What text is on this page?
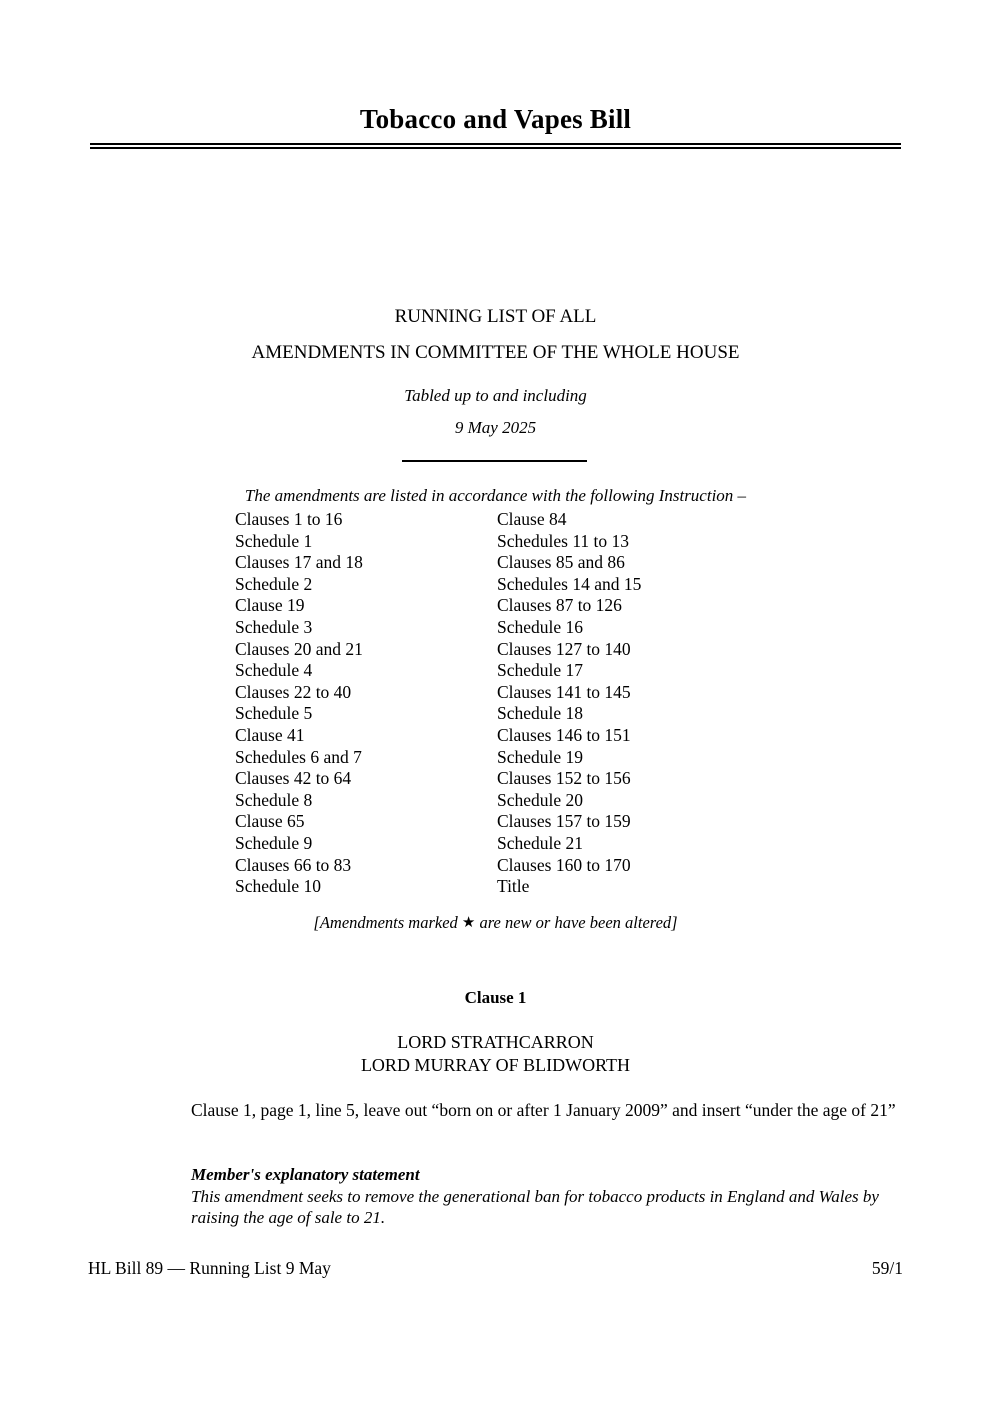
Tobacco and Vapes Bill
RUNNING LIST OF ALL
AMENDMENTS IN COMMITTEE OF THE WHOLE HOUSE
Tabled up to and including
9 May 2025
The amendments are listed in accordance with the following Instruction –
Clauses 1 to 16
Schedule 1
Clauses 17 and 18
Schedule 2
Clause 19
Schedule 3
Clauses 20 and 21
Schedule 4
Clauses 22 to 40
Schedule 5
Clause 41
Schedules 6 and 7
Clauses 42 to 64
Schedule 8
Clause 65
Schedule 9
Clauses 66 to 83
Schedule 10
Clause 84
Schedules 11 to 13
Clauses 85 and 86
Schedules 14 and 15
Clauses 87 to 126
Schedule 16
Clauses 127 to 140
Schedule 17
Clauses 141 to 145
Schedule 18
Clauses 146 to 151
Schedule 19
Clauses 152 to 156
Schedule 20
Clauses 157 to 159
Schedule 21
Clauses 160 to 170
Title
[Amendments marked ★ are new or have been altered]
Clause 1
LORD STRATHCARRON
LORD MURRAY OF BLIDWORTH
Clause 1, page 1, line 5, leave out “born on or after 1 January 2009” and insert “under the age of 21”
Member's explanatory statement
This amendment seeks to remove the generational ban for tobacco products in England and Wales by raising the age of sale to 21.
HL Bill 89 — Running List 9 May	59/1
